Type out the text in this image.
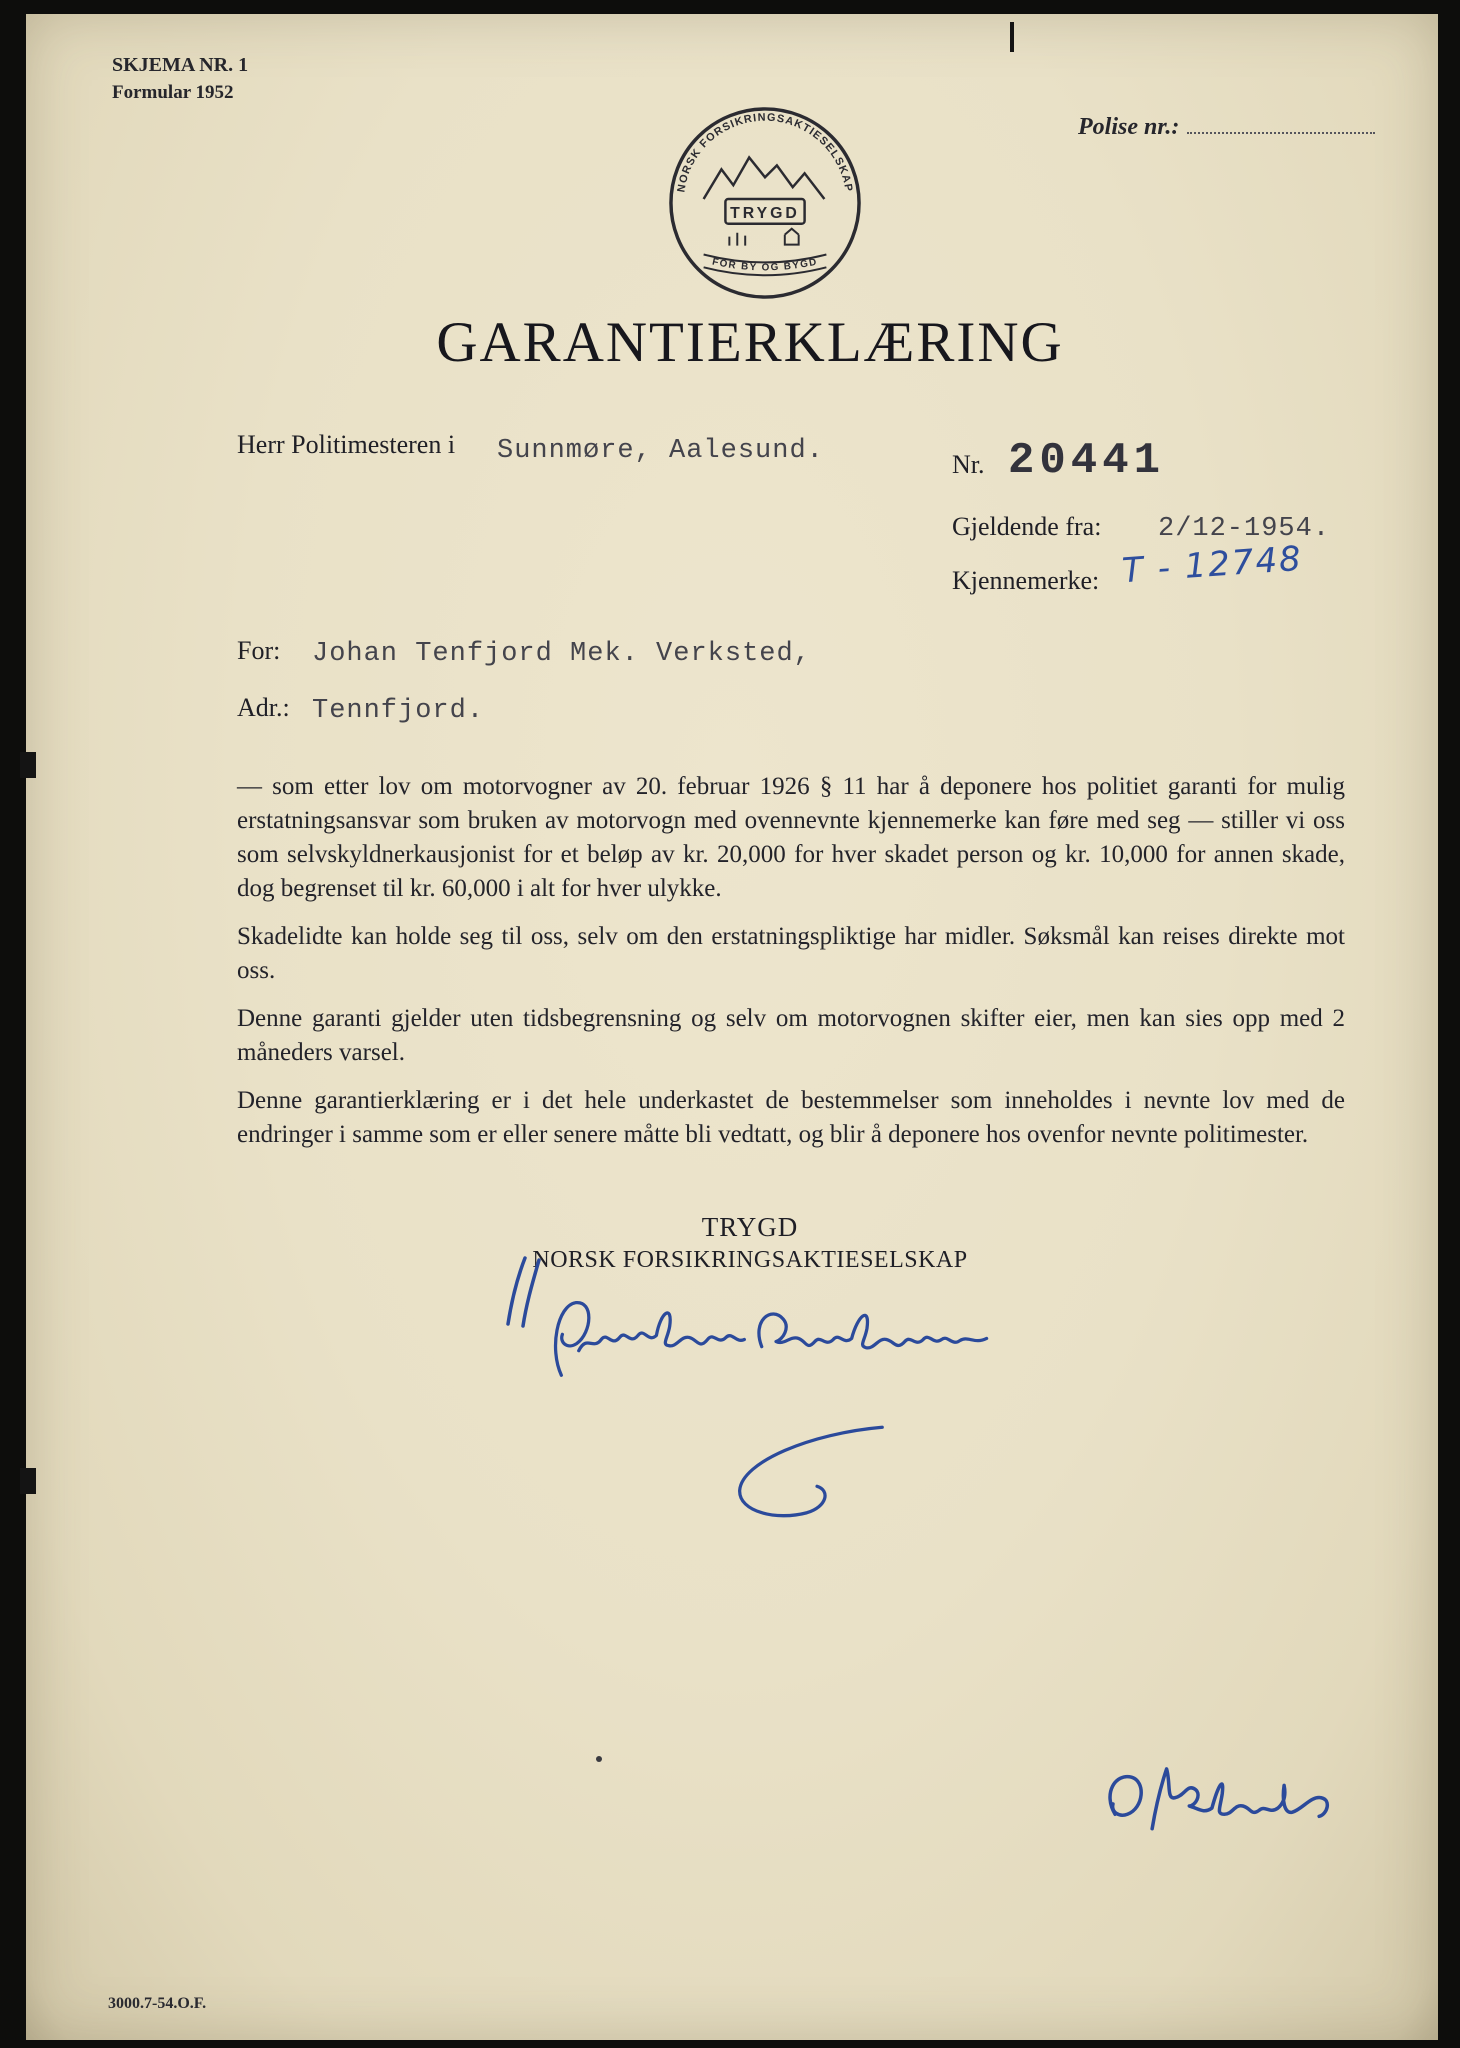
SKJEMA NR. 1
Formular 1952
Polise nr.:
NORSK FORSIKRINGSAKTIESELSKAP
TRYGD
FOR BY OG BYGD
GARANTIERKLÆRING
Herr Politimesteren i Sunnmøre, Aalesund.	Nr. 20441
Gjeldende fra: 2/12-1954.
Kjennemerke: T - 12748
For: Johan Tenfjord Mek. Verksted,
Adr.: Tennfjord.

— som etter lov om motorvogner av 20. februar 1926 § 11 har å deponere hos politiet garanti for mulig erstatningsansvar som bruken av motorvogn med ovennevnte kjennemerke kan føre med seg — stiller vi oss som selvskyldnerkausjonist for et beløp av kr. 20,000 for hver skadet person og kr. 10,000 for annen skade, dog begrenset til kr. 60,000 i alt for hver ulykke.

Skadelidte kan holde seg til oss, selv om den erstatningspliktige har midler. Søksmål kan reises direkte mot oss.

Denne garanti gjelder uten tidsbegrensning og selv om motorvognen skifter eier, men kan sies opp med 2 måneders varsel.

Denne garantierklæring er i det hele underkastet de bestemmelser som inneholdes i nevnte lov med de endringer i samme som er eller senere måtte bli vedtatt, og blir å deponere hos ovenfor nevnte politimester.

TRYGD
NORSK FORSIKRINGSAKTIESELSKAP
3000.7-54.O.F.
